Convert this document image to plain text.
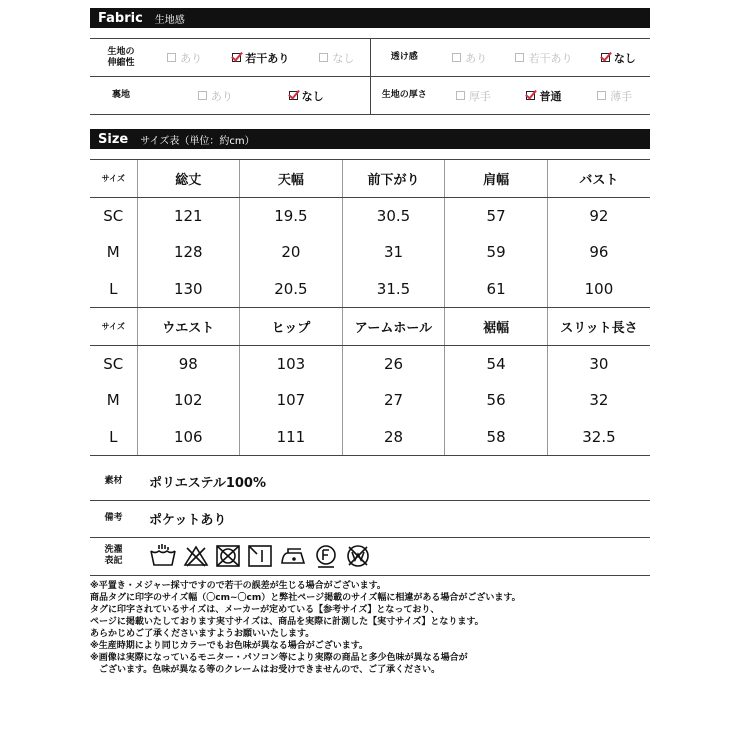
Fabric 生地感
生地の
伸縮性	あり 若干あり なし	透け感	あり 若干あり なし

裏地	あり なし	生地の厚さ	厚手 普通 薄手
Size サイズ表（単位：約cm）
サイズ	総丈	天幅	前下がり	肩幅	バスト
SC	121	19.5	30.5	57	92
M	128	20	31	59	96
L	130	20.5	31.5	61	100
サイズ	ウエスト	ヒップ	アームホール	裾幅	スリット長さ
SC	98	103	26	54	30
M	102	107	27	56	32
L	106	111	28	58	32.5
素材	ポリエステル100%
備考	ポケットあり
洗濯
表記	

※平置き・メジャー採寸ですので若干の誤差が生じる場合がございます。

商品タグに印字のサイズ幅（〇cm~〇cm）と弊社ページ掲載のサイズ幅に相違がある場合がございます。

タグに印字されているサイズは、メーカーが定めている【参考サイズ】となっており、

ページに掲載いたしております実寸サイズは、商品を実際に計測した【実寸サイズ】となります。

あらかじめご了承くださいますようお願いいたします。

※生産時期により同じカラーでもお色味が異なる場合がございます。

※画像は実際になっているモニター・パソコン等により実際の商品と多少色味が異なる場合が

　ございます。色味が異なる等のクレームはお受けできませんので、ご了承ください。
